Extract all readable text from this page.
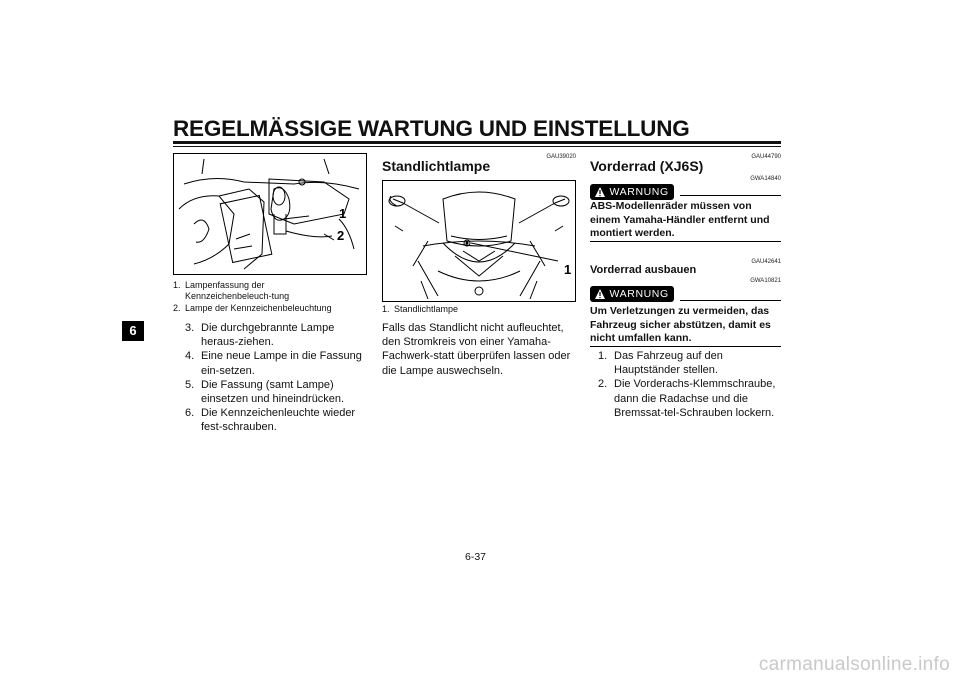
REGELMÄSSIGE WARTUNG UND EINSTELLUNG
6
1
2
1. Lampenfassung der Kennzeichenbeleuch-tung
2. Lampe der Kennzeichenbeleuchtung
3. Die durchgebrannte Lampe heraus-ziehen.
4. Eine neue Lampe in die Fassung ein-setzen.
5. Die Fassung (samt Lampe) einsetzen und hineindrücken.
6. Die Kennzeichenleuchte wieder fest-schrauben.
GAU39020
Standlichtlampe
1
1. Standlichtlampe
Falls das Standlicht nicht aufleuchtet, den Stromkreis von einer Yamaha-Fachwerk-statt überprüfen lassen oder die Lampe auswechseln.
GAU44790
Vorderrad (XJ6S)
GWA14840
WARNUNG
ABS-Modellenräder müssen von einem Yamaha-Händler entfernt und montiert werden.
GAU42641
Vorderrad ausbauen
GWA10821
WARNUNG
Um Verletzungen zu vermeiden, das Fahrzeug sicher abstützen, damit es nicht umfallen kann.
1. Das Fahrzeug auf den Hauptständer stellen.
2. Die Vorderachs-Klemmschraube, dann die Radachse und die Bremssat-tel-Schrauben lockern.
6-37
carmanualsonline.info
